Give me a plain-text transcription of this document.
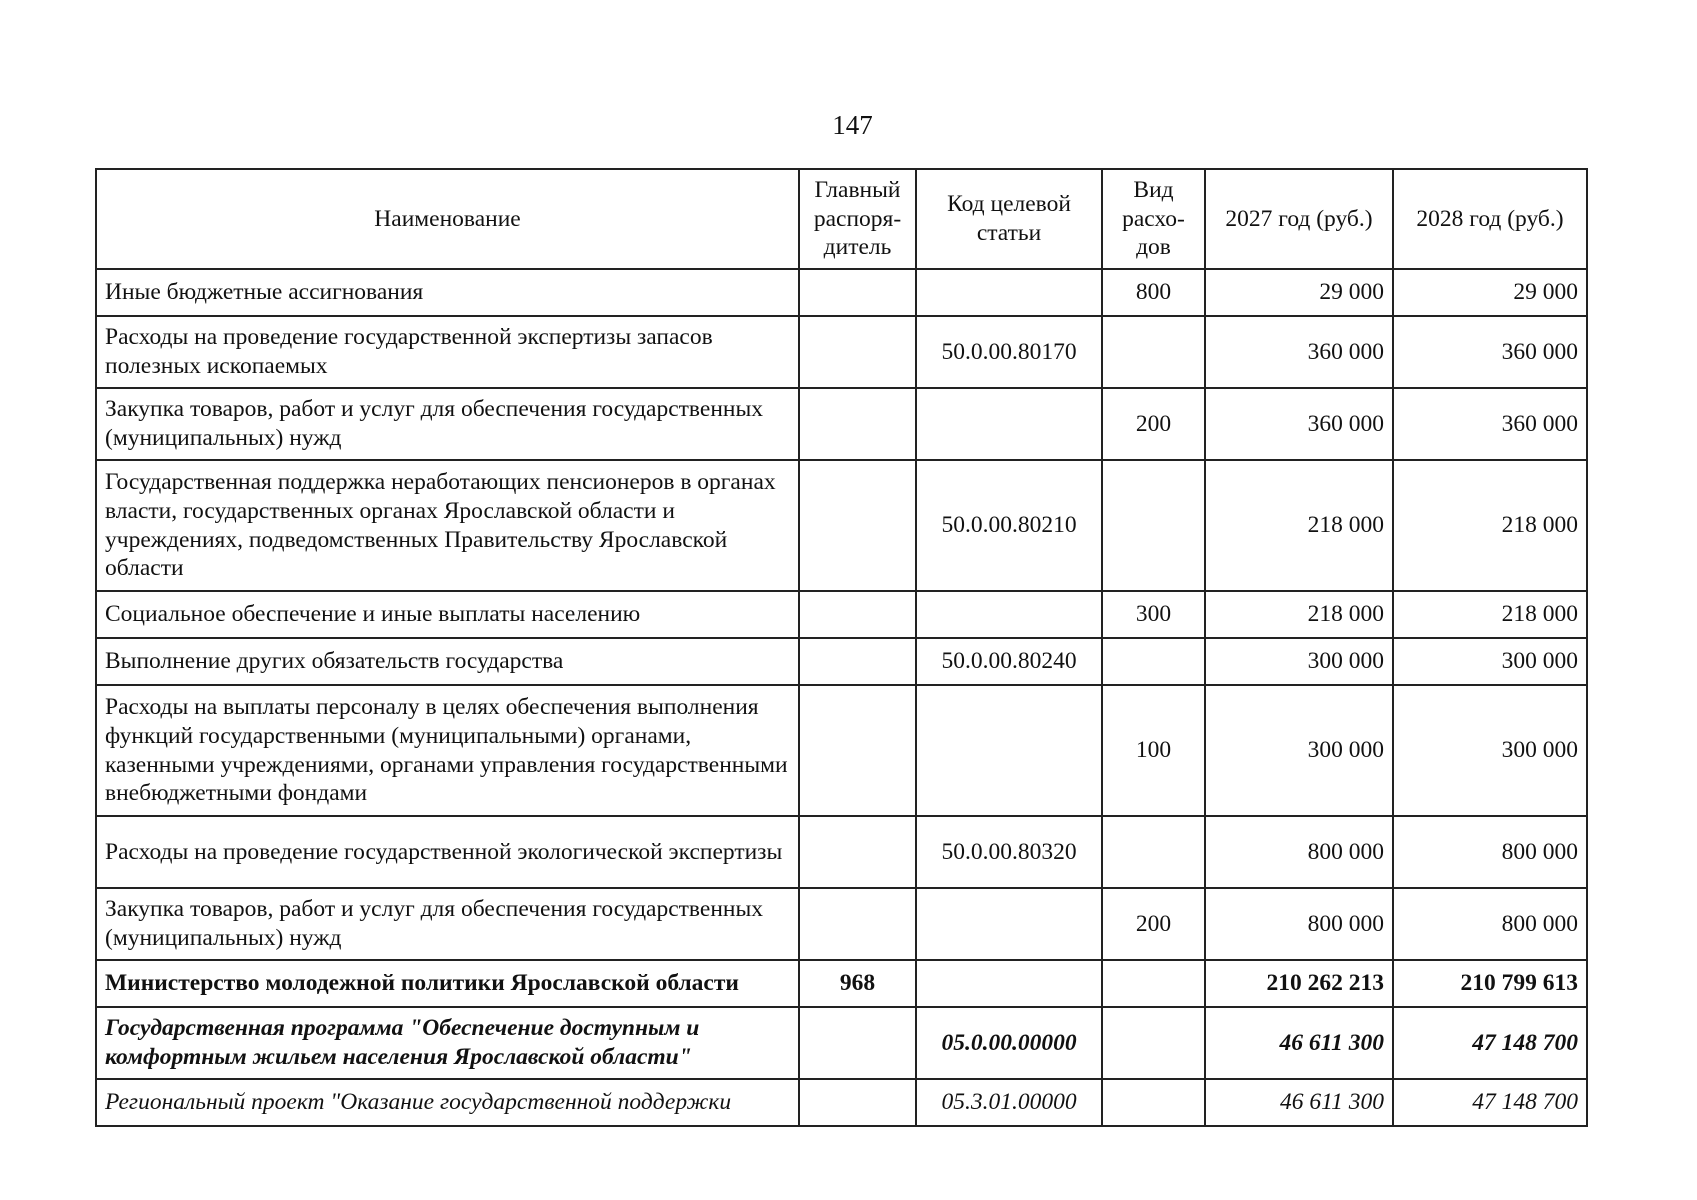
147
Наименование	Главный распоря-дитель	Код целевой статьи	Вид расхо-дов	2027 год (руб.)	2028 год (руб.)
Иные бюджетные ассигнования			800	29 000	29 000
Расходы на проведение государственной экспертизы запасов полезных ископаемых		50.0.00.80170		360 000	360 000
Закупка товаров, работ и услуг для обеспечения государственных (муниципальных) нужд			200	360 000	360 000
Государственная поддержка неработающих пенсионеров в органах власти, государственных органах Ярославской области и учреждениях, подведомственных Правительству Ярославской области		50.0.00.80210		218 000	218 000
Социальное обеспечение и иные выплаты населению			300	218 000	218 000
Выполнение других обязательств государства		50.0.00.80240		300 000	300 000
Расходы на выплаты персоналу в целях обеспечения выполнения функций государственными (муниципальными) органами, казенными учреждениями, органами управления государственными внебюджетными фондами			100	300 000	300 000
Расходы на проведение государственной экологической экспертизы		50.0.00.80320		800 000	800 000
Закупка товаров, работ и услуг для обеспечения государственных (муниципальных) нужд			200	800 000	800 000
Министерство молодежной политики Ярославской области	968			210 262 213	210 799 613
Государственная программа "Обеспечение доступным и комфортным жильем населения Ярославской области"		05.0.00.00000		46 611 300	47 148 700
Региональный проект "Оказание государственной поддержки		05.3.01.00000		46 611 300	47 148 700
